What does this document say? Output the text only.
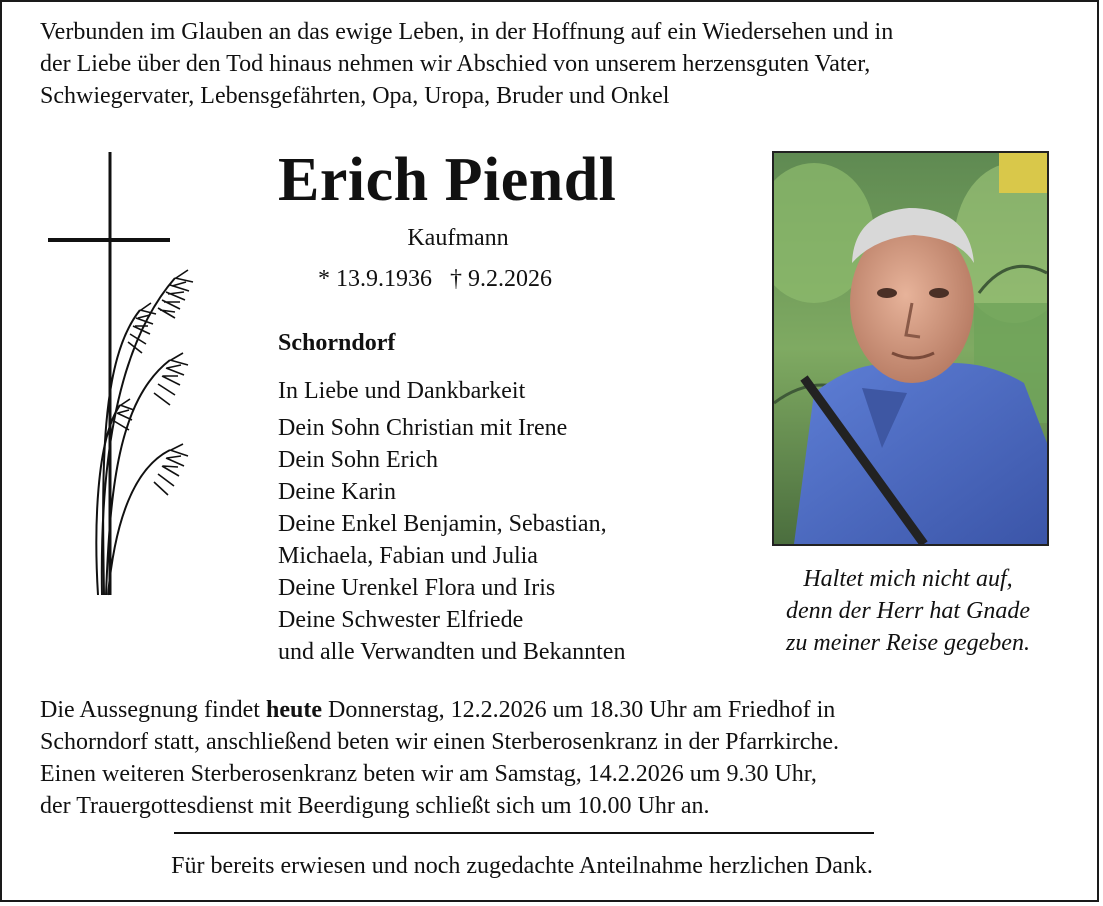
Verbunden im Glauben an das ewige Leben, in der Hoffnung auf ein Wiedersehen und in
der Liebe über den Tod hinaus nehmen wir Abschied von unserem herzensguten Vater,
Schwiegervater, Lebensgefährten, Opa, Uropa, Bruder und Onkel
Erich Piendl
Kaufmann
* 13.9.1936 † 9.2.2026
Schorndorf
In Liebe und Dankbarkeit
Dein Sohn Christian mit Irene
Dein Sohn Erich
Deine Karin
Deine Enkel Benjamin, Sebastian,
Michaela, Fabian und Julia
Deine Urenkel Flora und Iris
Deine Schwester Elfriede
und alle Verwandten und Bekannten
Haltet mich nicht auf,
denn der Herr hat Gnade
zu meiner Reise gegeben.
Die Aussegnung findet heute Donnerstag, 12.2.2026 um 18.30 Uhr am Friedhof in
Schorndorf statt, anschließend beten wir einen Sterberosenkranz in der Pfarrkirche.
Einen weiteren Sterberosenkranz beten wir am Samstag, 14.2.2026 um 9.30 Uhr,
der Trauergottesdienst mit Beerdigung schließt sich um 10.00 Uhr an.
Für bereits erwiesen und noch zugedachte Anteilnahme herzlichen Dank.
